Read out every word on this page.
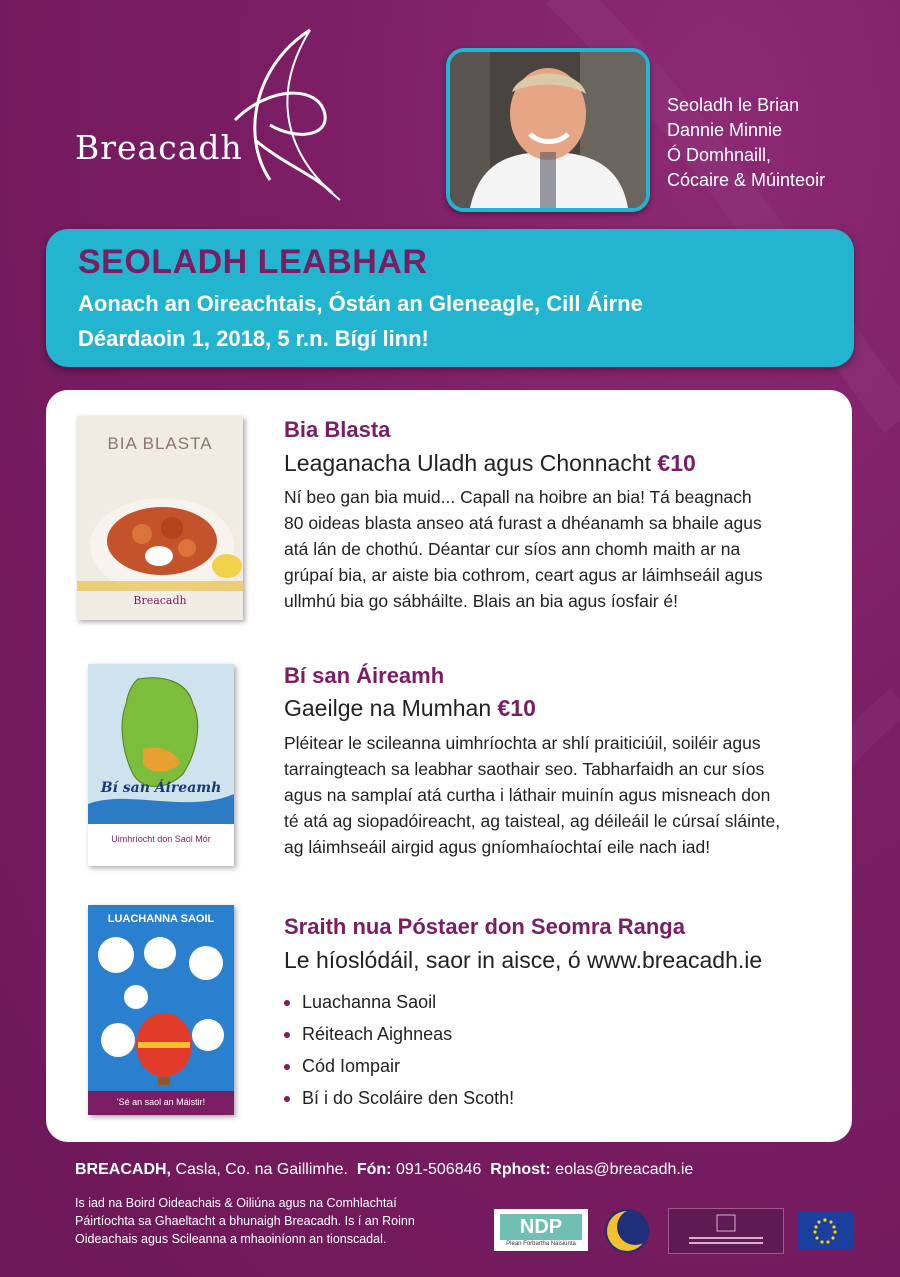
Breacadh
Seoladh le Brian
Dannie Minnie
Ó Domhnaill,
Cócaire & Múinteoir
SEOLADH LEABHAR
Aonach an Oireachtais, Óstán an Gleneagle, Cill Áirne
Déardaoin 1, 2018, 5 r.n. Bígí linn!
BIA BLASTA
Breacadh
Bia Blasta
Leaganacha Uladh agus Chonnacht €10
Ní beo gan bia muid... Capall na hoibre an bia! Tá beagnach
80 oideas blasta anseo atá furast a dhéanamh sa bhaile agus
atá lán de chothú. Déantar cur síos ann chomh maith ar na
grúpaí bia, ar aiste bia cothrom, ceart agus ar láimhseáil agus
ullmhú bia go sábháilte. Blais an bia agus íosfair é!
Bí san Áireamh
Uimhríocht don Saol Mór
Bí san Áireamh
Gaeilge na Mumhan €10
Pléitear le scileanna uimhríochta ar shlí praiticiúil, soiléir agus
tarraingteach sa leabhar saothair seo. Tabharfaidh an cur síos
agus na samplaí atá curtha i láthair muinín agus misneach don
té atá ag siopadóireacht, ag taisteal, ag déileáil le cúrsaí sláinte,
ag láimhseáil airgid agus gníomhaíochtaí eile nach iad!
LUACHANNA SAOIL
'Sé an saol an Máistir!
Sraith nua Póstaer don Seomra Ranga
Le híoslódáil, saor in aisce, ó www.breacadh.ie
Luachanna Saoil
Réiteach Aighneas
Cód Iompair
Bí i do Scoláire den Scoth!
BREACADH, Casla, Co. na Gaillimhe. Fón: 091-506846 Rphost: eolas@breacadh.ie
Is iad na Boird Oideachais & Oiliúna agus na Comhlachtaí
Páirtíochta sa Ghaeltacht a bhunaigh Breacadh. Is í an Roinn
Oideachais agus Scileanna a mhaoiníonn an tionscadal.
NDP
Plean Forbartha Náisiúnta
